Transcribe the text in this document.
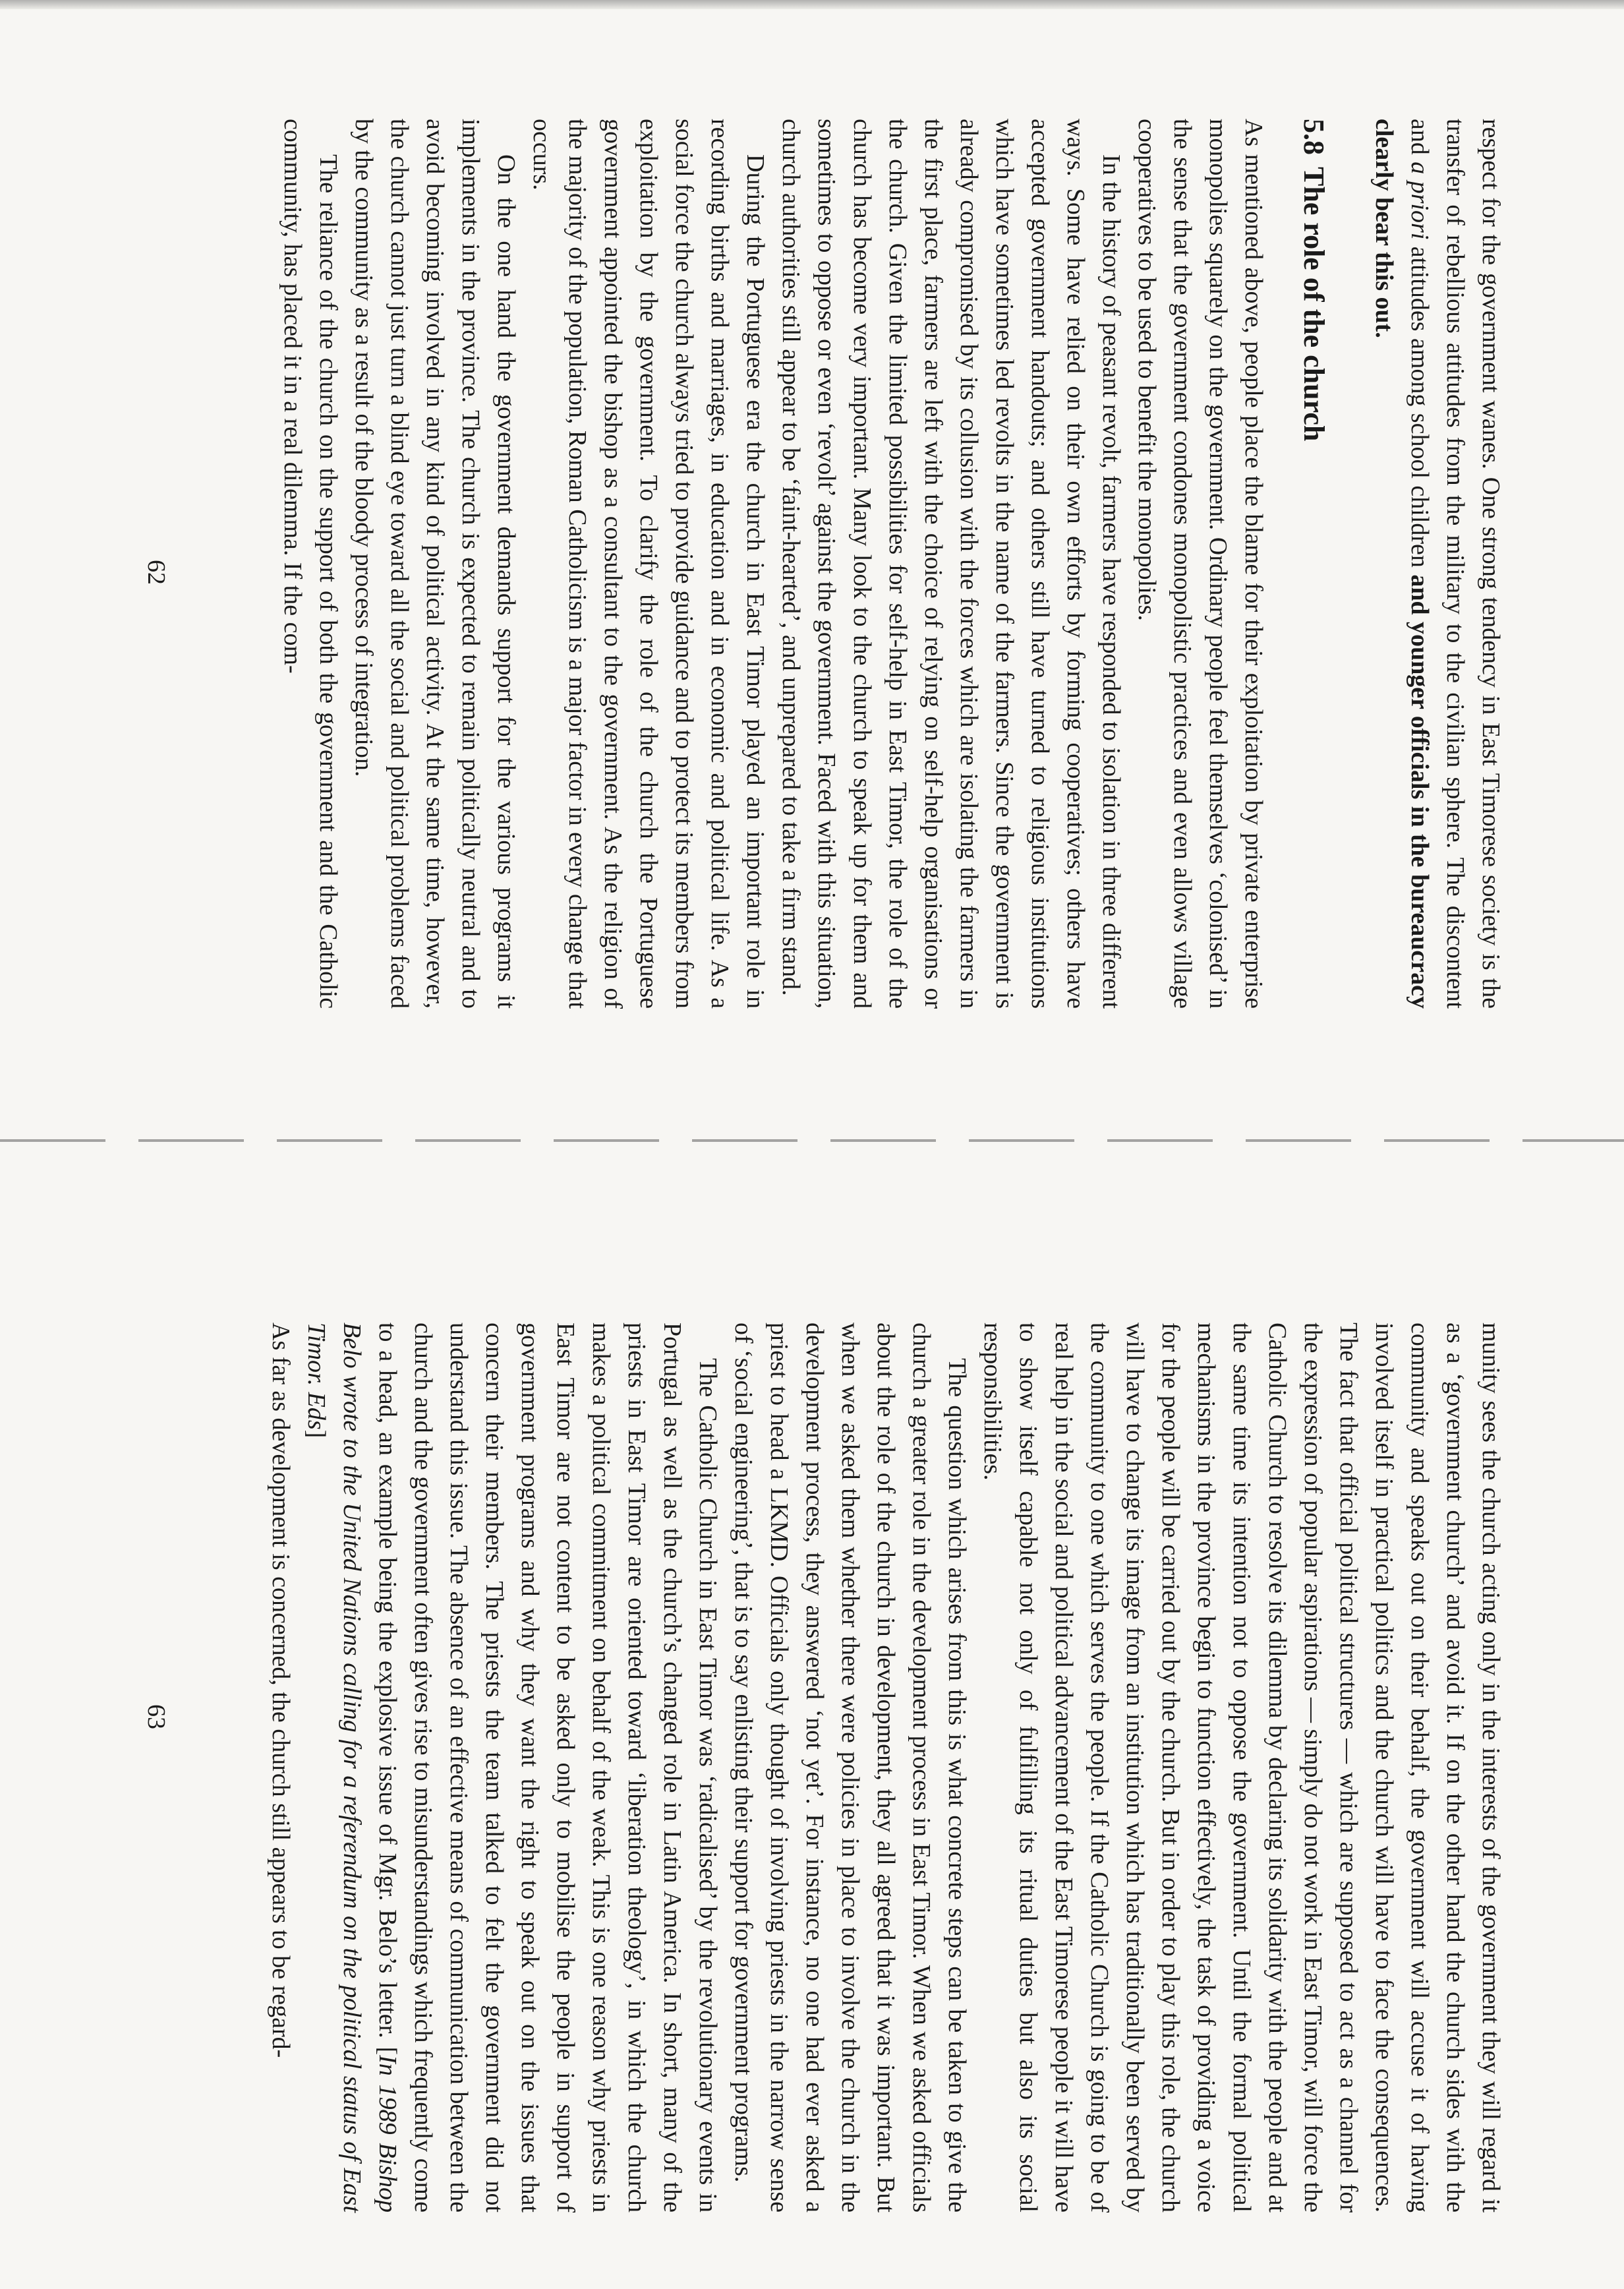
respect for the government wanes. One strong tendency in East Timorese society is the transfer of rebellious attitudes from the military to the civilian sphere. The discontent and a priori attitudes among school children and younger officials in the bureaucracy clearly bear this out.

5.8The role of the church

As mentioned above, people place the blame for their exploitation by private enterprise monopolies squarely on the government. Ordinary people feel themselves ‘colonised’ in the sense that the government condones monopolistic practices and even allows village cooperatives to be used to benefit the monopolies.

In the history of peasant revolt, farmers have responded to isolation in three different ways. Some have relied on their own efforts by forming cooperatives; others have accepted government handouts; and others still have turned to religious institutions which have sometimes led revolts in the name of the farmers. Since the government is already compromised by its collusion with the forces which are isolating the farmers in the first place, farmers are left with the choice of relying on self-help organisations or the church. Given the limited possibilities for self-help in East Timor, the role of the church has become very important. Many look to the church to speak up for them and sometimes to oppose or even ‘revolt’ against the government. Faced with this situation, church authorities still appear to be ‘faint-hearted’, and unprepared to take a firm stand.

During the Portuguese era the church in East Timor played an important role in recording births and marriages, in education and in economic and political life. As a social force the church always tried to provide guidance and to protect its members from exploitation by the government. To clarify the role of the church the Portuguese government appointed the bishop as a consultant to the government. As the religion of the majority of the population, Roman Catholicism is a major factor in every change that occurs.

On the one hand the government demands support for the various programs it implements in the province. The church is expected to remain politically neutral and to avoid becoming involved in any kind of political activity. At the same time, however, the church cannot just turn a blind eye toward all the social and political problems faced by the community as a result of the bloody process of integration.

The reliance of the church on the support of both the government and the Catholic community, has placed it in a real dilemma. If the com-

62

munity sees the church acting only in the interests of the government they will regard it as a ‘government church’ and avoid it. If on the other hand the church sides with the community and speaks out on their behalf, the government will accuse it of having involved itself in practical politics and the church will have to face the consequences. The fact that official political structures — which are supposed to act as a channel for the expression of popular aspirations — simply do not work in East Timor, will force the Catholic Church to resolve its dilemma by declaring its solidarity with the people and at the same time its intention not to oppose the government. Until the formal political mechanisms in the province begin to function effectively, the task of providing a voice for the people will be carried out by the church. But in order to play this role, the church will have to change its image from an institution which has traditionally been served by the community to one which serves the people. If the Catholic Church is going to be of real help in the social and political advancement of the East Timorese people it will have to show itself capable not only of fulfilling its ritual duties but also its social responsibilities.

The question which arises from this is what concrete steps can be taken to give the church a greater role in the development process in East Timor. When we asked officials about the role of the church in development, they all agreed that it was important. But when we asked them whether there were policies in place to involve the church in the development process, they answered ‘not yet’. For instance, no one had ever asked a priest to head a LKMD. Officials only thought of involving priests in the narrow sense of ‘social engineering’, that is to say enlisting their support for government programs.

The Catholic Church in East Timor was ‘radicalised’ by the revolutionary events in Portugal as well as the church’s changed role in Latin America. In short, many of the priests in East Timor are oriented toward ‘liberation theology’, in which the church makes a political commitment on behalf of the weak. This is one reason why priests in East Timor are not content to be asked only to mobilise the people in support of government programs and why they want the right to speak out on the issues that concern their members. The priests the team talked to felt the government did not understand this issue. The absence of an effective means of communication between the church and the government often gives rise to misunderstandings which frequently come to a head, an example being the explosive issue of Mgr. Belo’s letter. [In 1989 Bishop Belo wrote to the United Nations calling for a referendum on the political status of East Timor. Eds]

As far as development is concerned, the church still appears to be regard-

63
